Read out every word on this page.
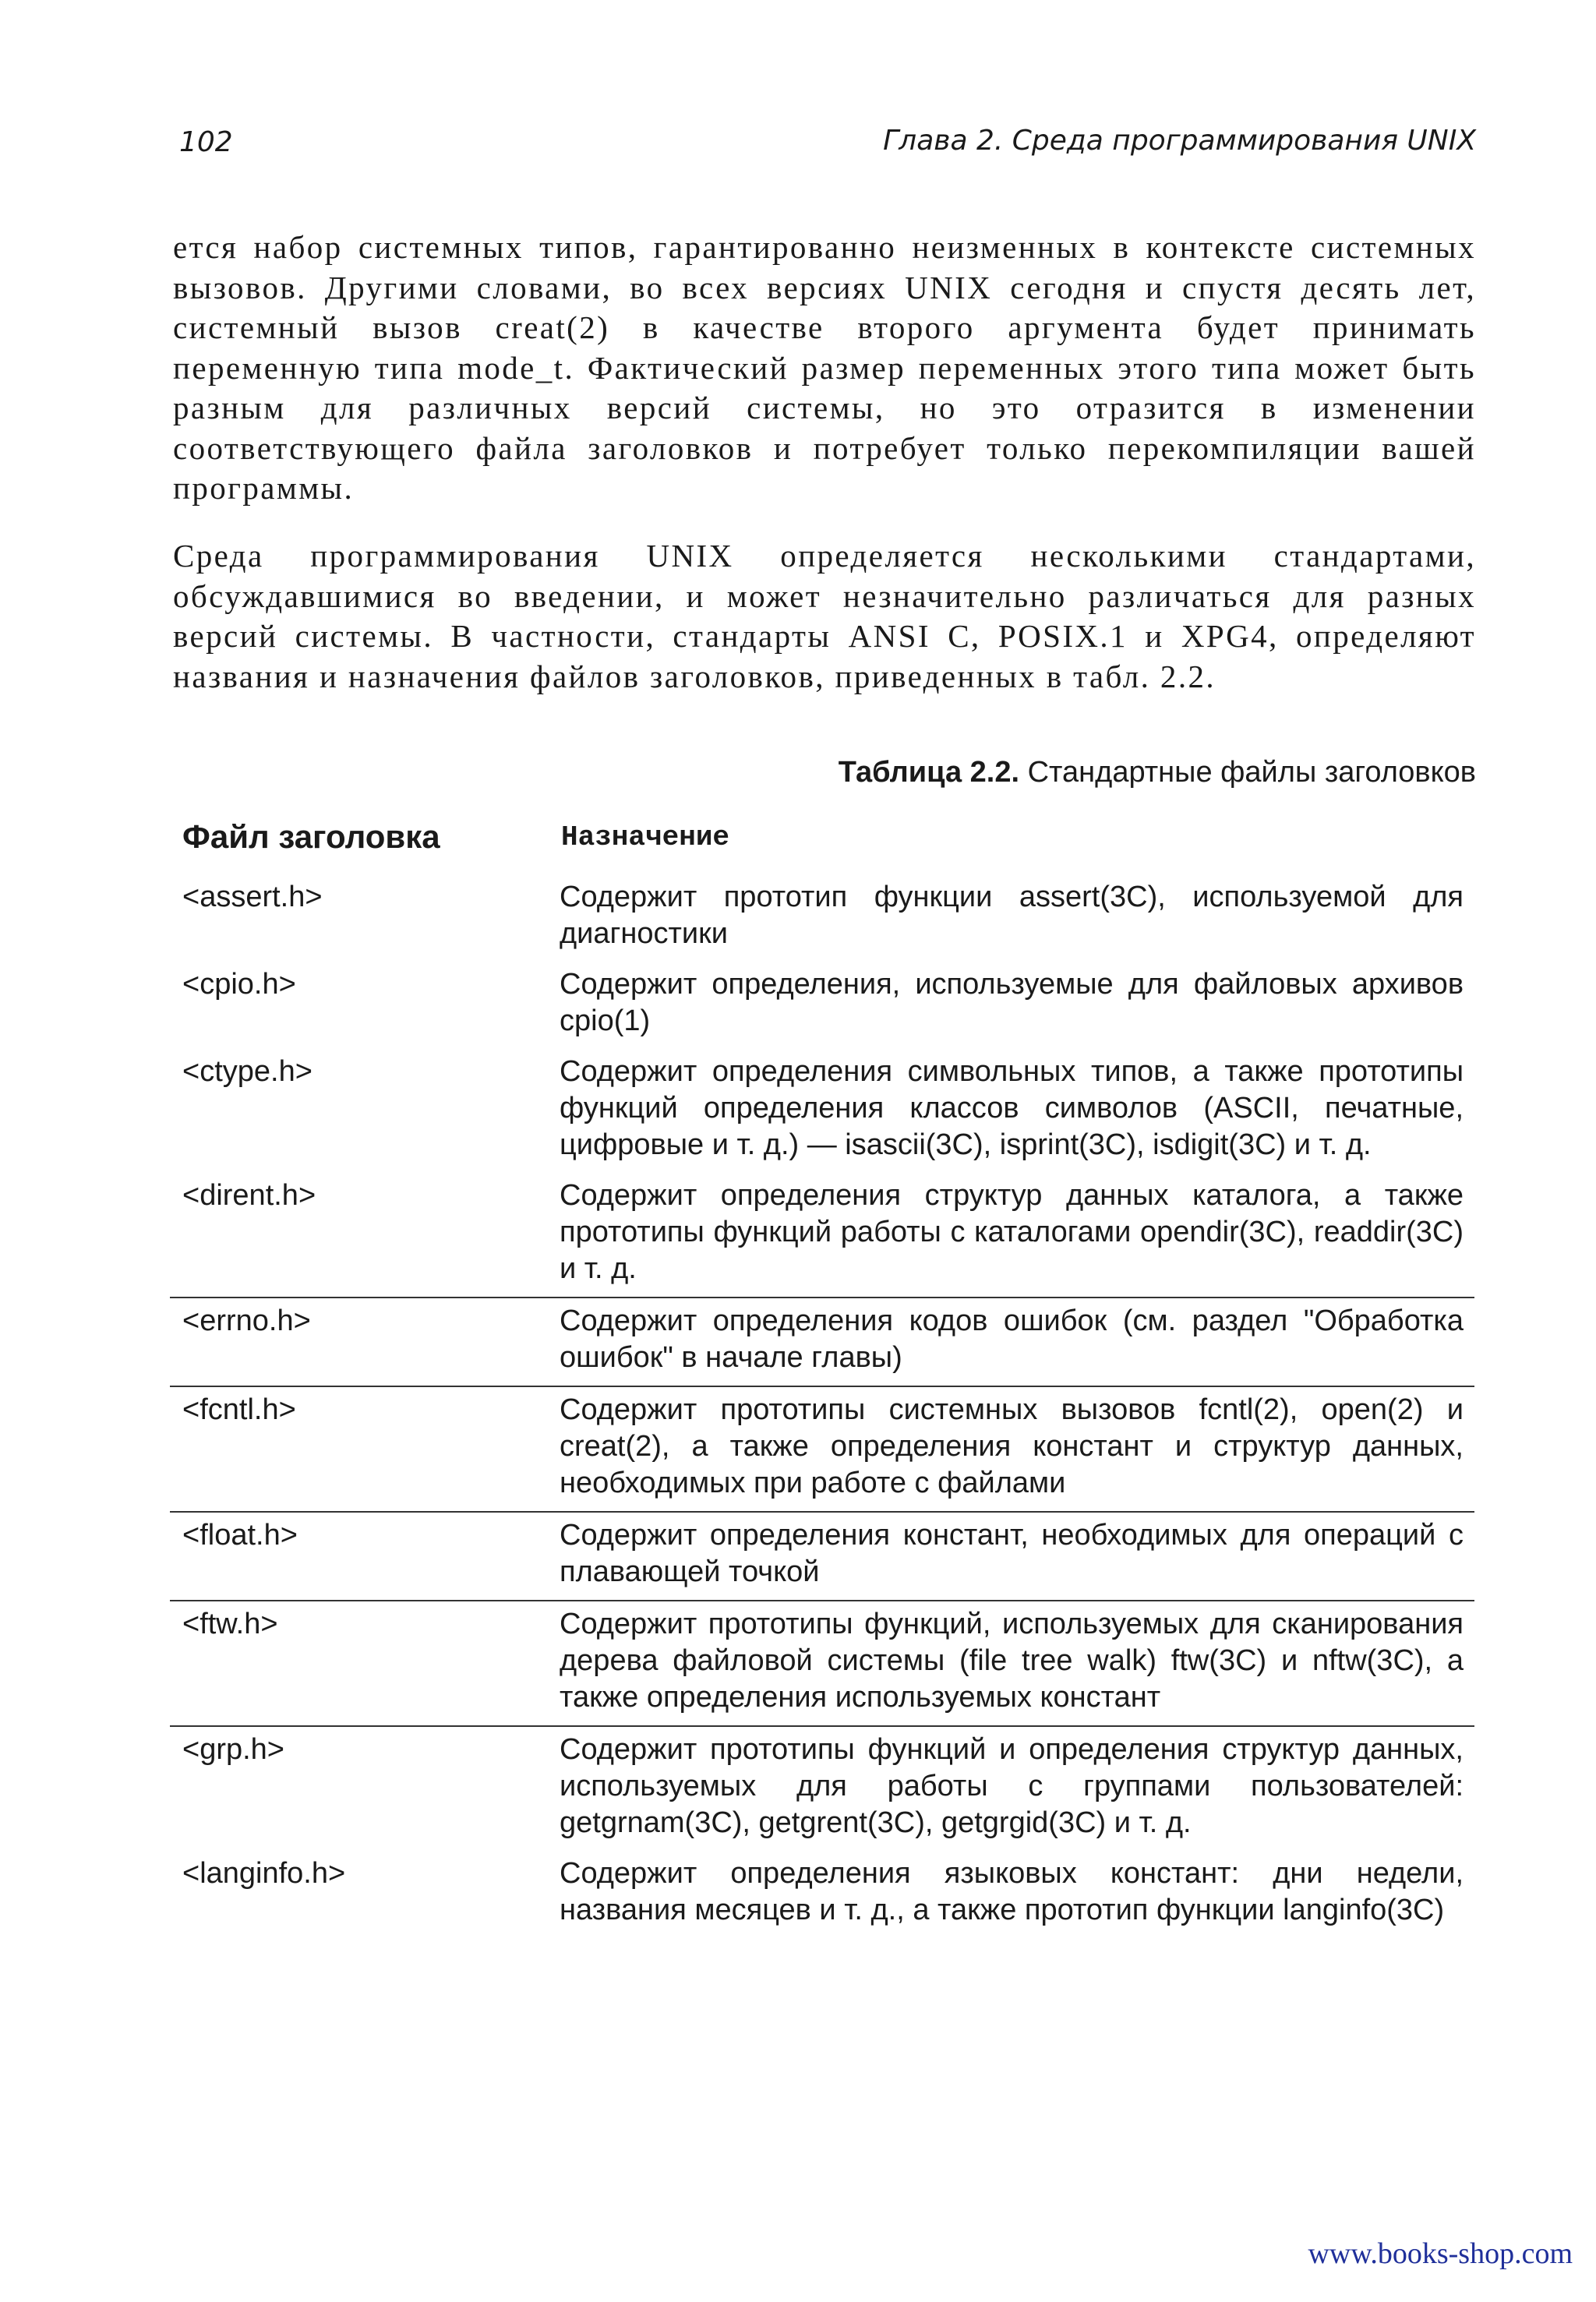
102	Глава 2. Среда программирования UNIX

ется набор системных типов, гарантированно неизменных в контексте системных вызовов. Другими словами, во всех версиях UNIX сегодня и спустя десять лет, системный вызов creat(2) в качестве второго аргумента будет принимать переменную типа mode_t. Фактический размер переменных этого типа может быть разным для различных версий системы, но это отразится в изменении соответствующего файла заголовков и потребует только перекомпиляции вашей программы.

Среда программирования UNIX определяется несколькими стандартами, обсуждавшимися во введении, и может незначительно различаться для разных версий системы. В частности, стандарты ANSI С, POSIX.1 и XPG4, определяют названия и назначения файлов заголовков, приведенных в табл. 2.2.

Таблица 2.2. Стандартные файлы заголовков
Файл заголовка	Назначение
<assert.h>	Содержит прототип функции assert(3C), используемой для диагностики
<cpio.h>	Содержит определения, используемые для файловых архивов cpio(1)
<ctype.h>	Содержит определения символьных типов, а также прототипы функций определения классов символов (ASCII, печатные, цифровые и т. д.) — isascii(3C), isprint(3C), isdigit(3C) и т. д.
<dirent.h>	Содержит определения структур данных каталога, а также прототипы функций работы с каталогами opendir(3C), readdir(3C) и т. д.
<errno.h>	Содержит определения кодов ошибок (см. раздел "Обработка ошибок" в начале главы)
<fcntl.h>	Содержит прототипы системных вызовов fcntl(2), open(2) и creat(2), а также определения констант и структур данных, необходимых при работе с файлами
<float.h>	Содержит определения констант, необходимых для операций с плавающей точкой
<ftw.h>	Содержит прототипы функций, используемых для сканирования дерева файловой системы (file tree walk) ftw(3C) и nftw(3C), а также определения используемых констант
<grp.h>	Содержит прототипы функций и определения структур данных, используемых для работы с группами пользователей: getgrnam(3C), getgrent(3C), getgrgid(3C) и т. д.
<langinfo.h>	Содержит определения языковых констант: дни недели, названия месяцев и т. д., а также прототип функции langinfo(3C)
www.books-shop.com
